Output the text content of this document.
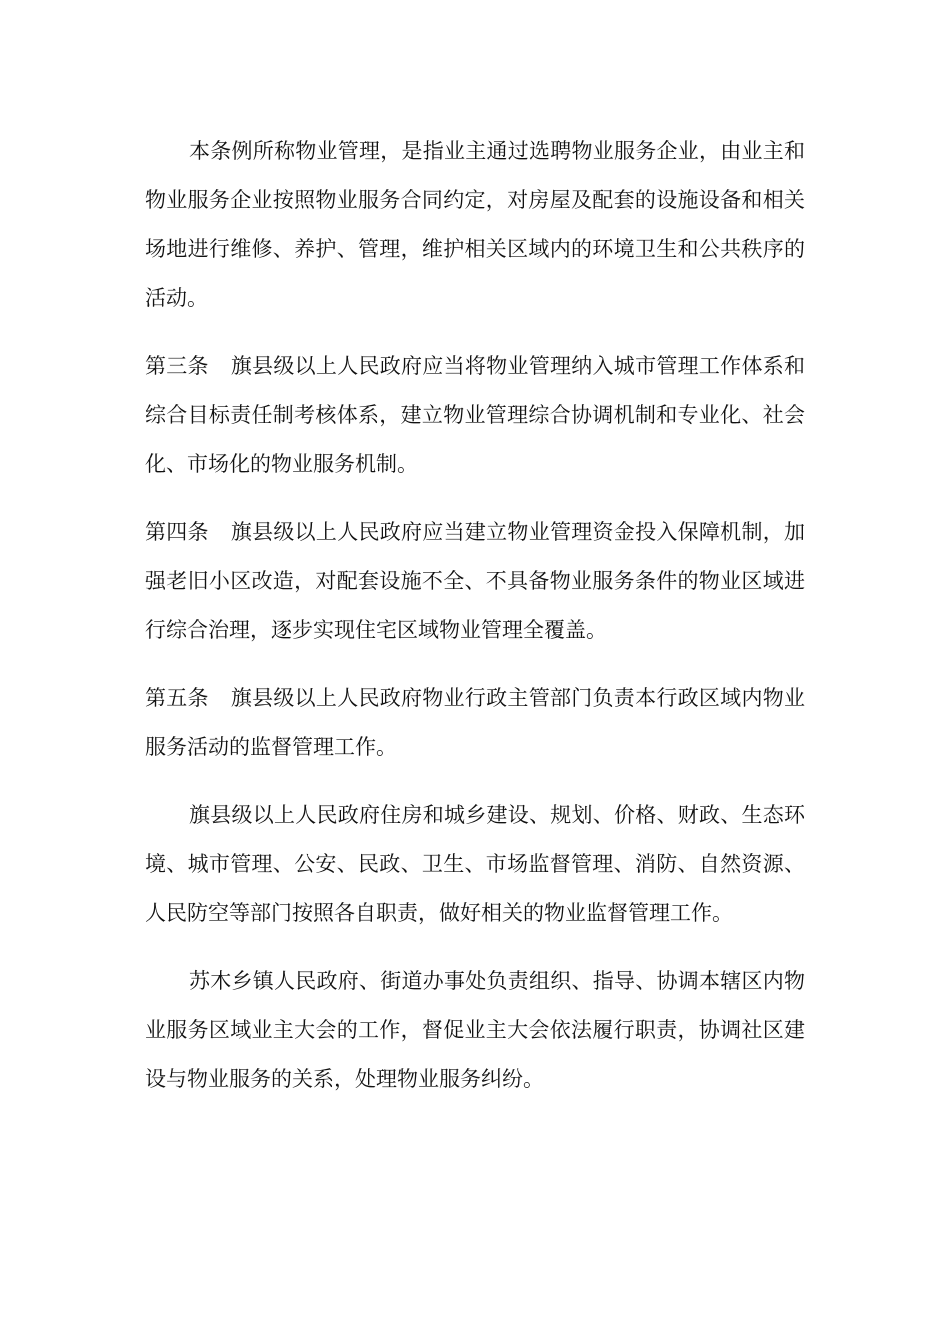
本条例所称物业管理，是指业主通过选聘物业服务企业，由业主和物业服务企业按照物业服务合同约定，对房屋及配套的设施设备和相关场地进行维修、养护、管理，维护相关区域内的环境卫生和公共秩序的活动。

第三条 旗县级以上人民政府应当将物业管理纳入城市管理工作体系和综合目标责任制考核体系，建立物业管理综合协调机制和专业化、社会化、市场化的物业服务机制。

第四条 旗县级以上人民政府应当建立物业管理资金投入保障机制，加强老旧小区改造，对配套设施不全、不具备物业服务条件的物业区域进行综合治理，逐步实现住宅区域物业管理全覆盖。

第五条 旗县级以上人民政府物业行政主管部门负责本行政区域内物业服务活动的监督管理工作。

旗县级以上人民政府住房和城乡建设、规划、价格、财政、生态环境、城市管理、公安、民政、卫生、市场监督管理、消防、自然资源、人民防空等部门按照各自职责，做好相关的物业监督管理工作。

苏木乡镇人民政府、街道办事处负责组织、指导、协调本辖区内物业服务区域业主大会的工作，督促业主大会依法履行职责，协调社区建设与物业服务的关系，处理物业服务纠纷。
